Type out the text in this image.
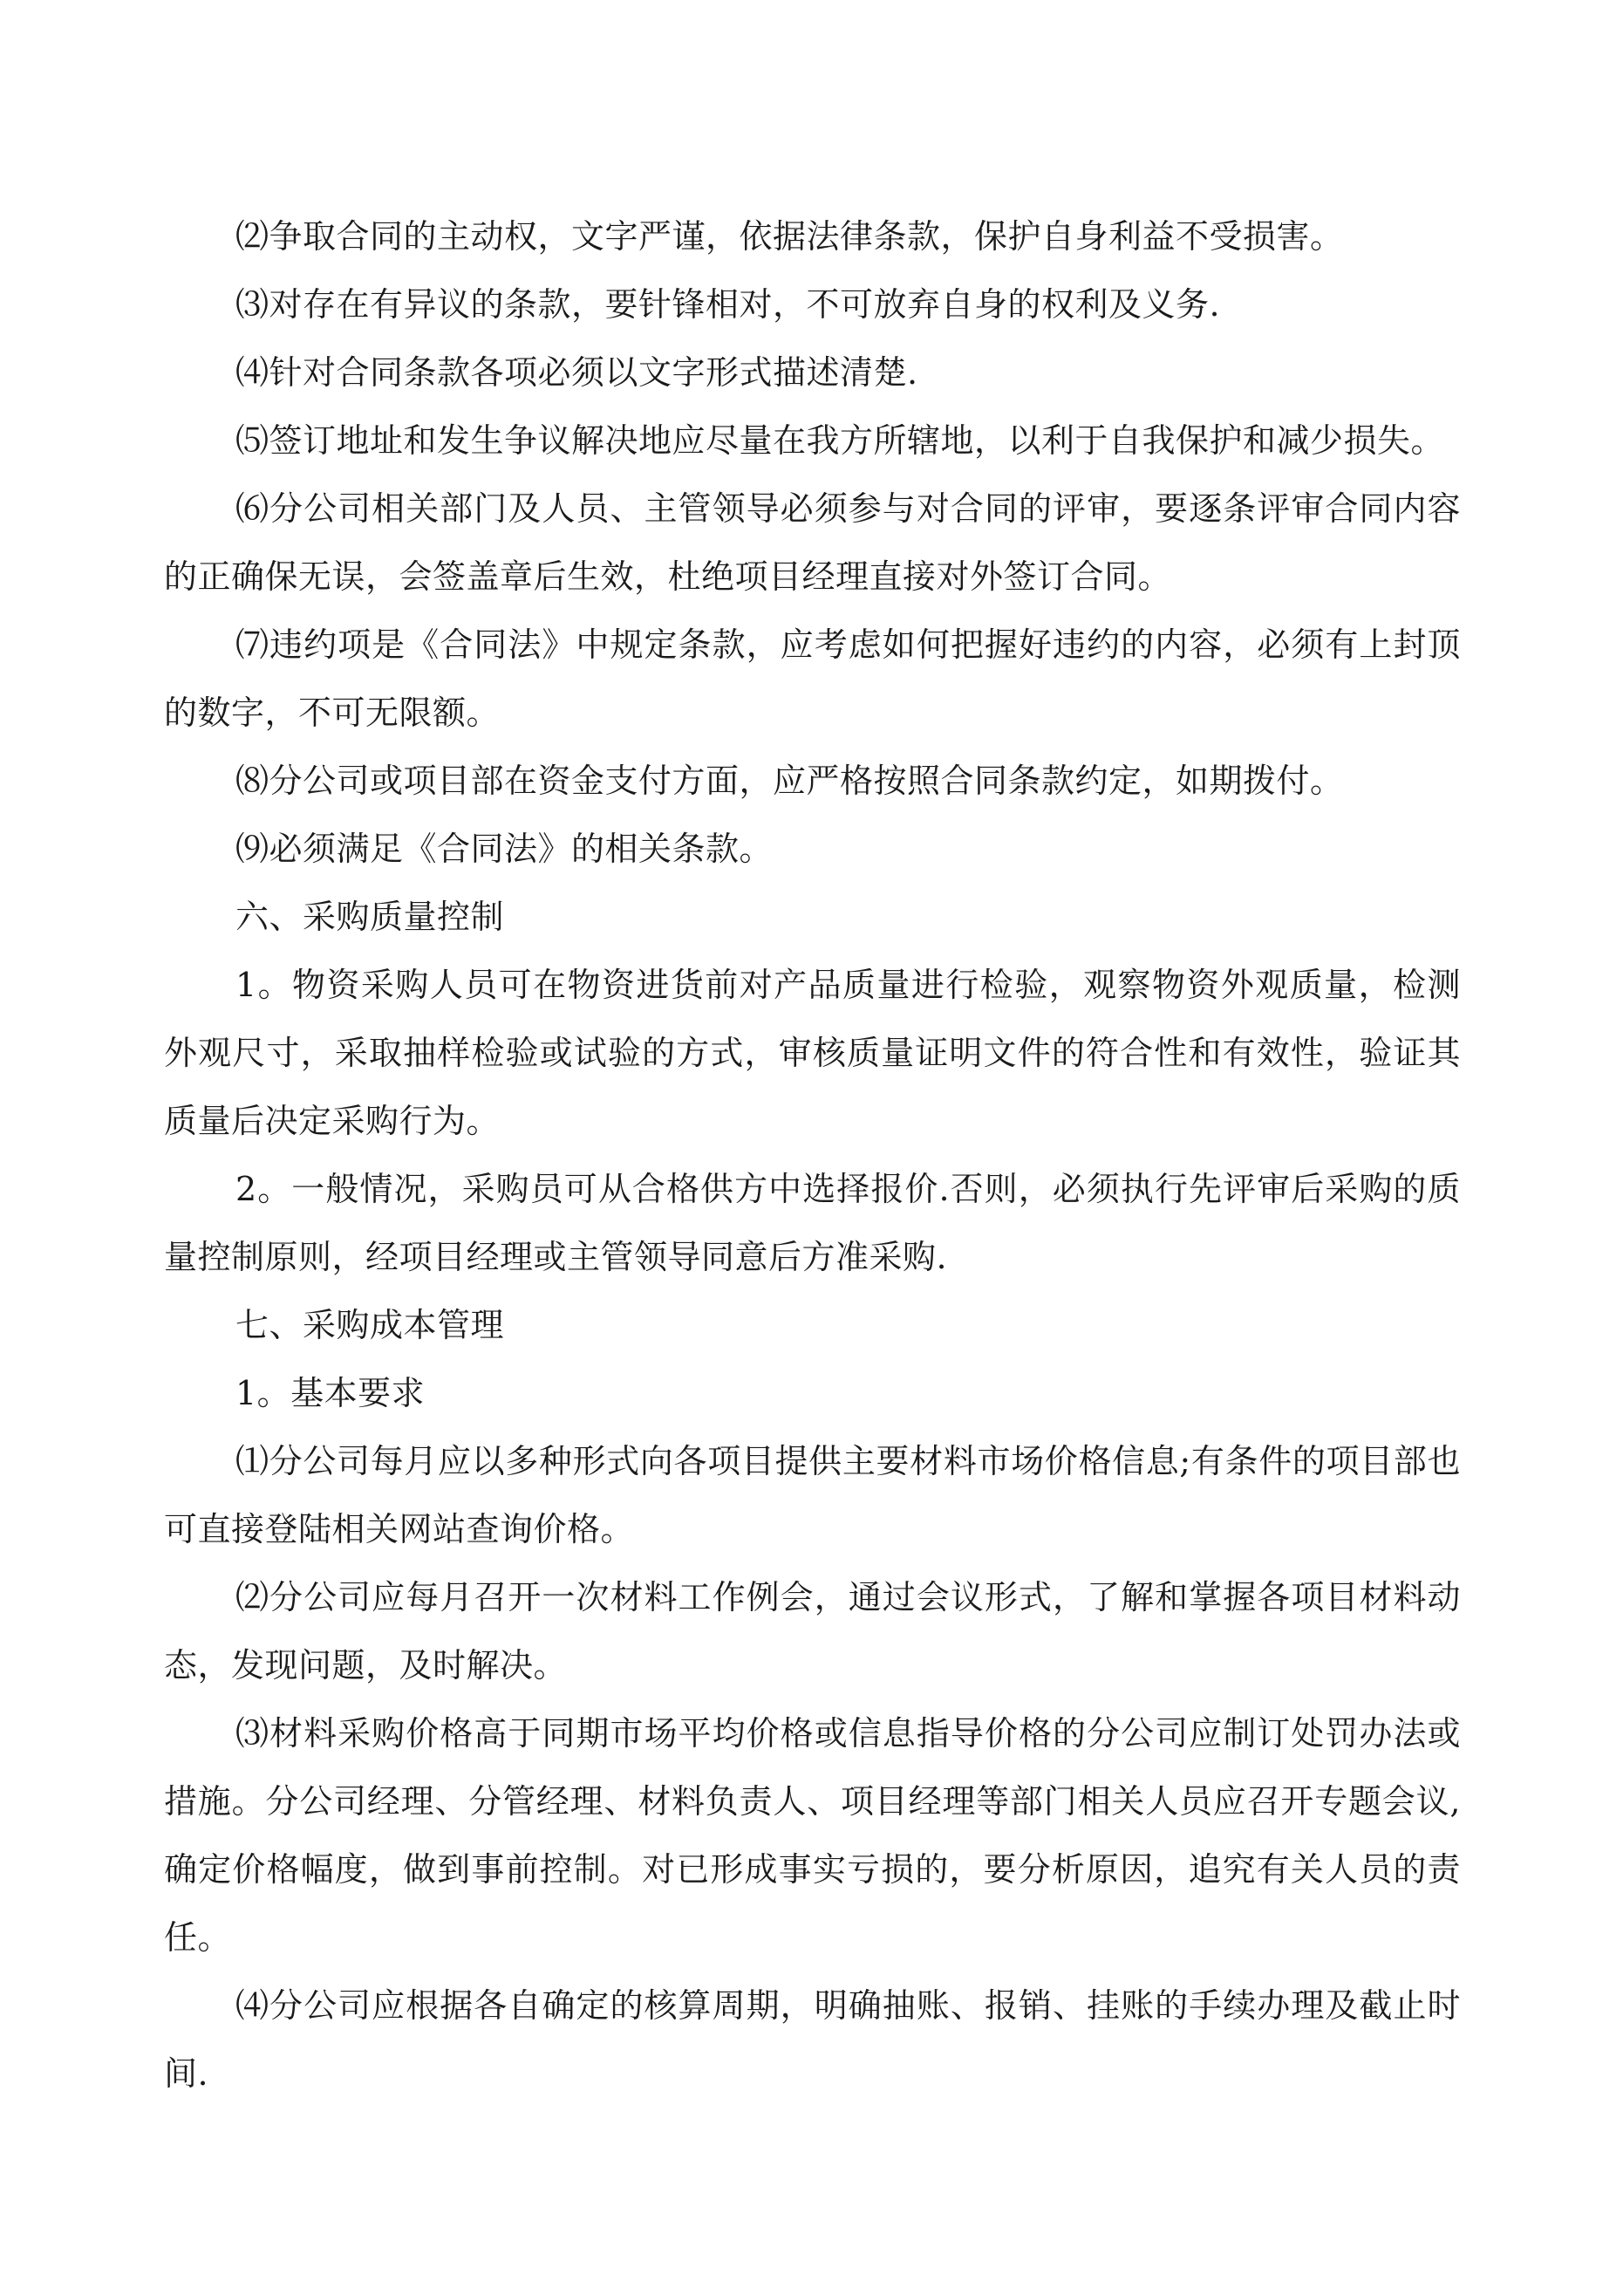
⑵争取合同的主动权，文字严谨，依据法律条款，保护自身利益不受损害。

⑶对存在有异议的条款，要针锋相对，不可放弃自身的权利及义务.

⑷针对合同条款各项必须以文字形式描述清楚.

⑸签订地址和发生争议解决地应尽量在我方所辖地，以利于自我保护和减少损失。

⑹分公司相关部门及人员、主管领导必须参与对合同的评审，要逐条评审合同内容的正确保无误，会签盖章后生效，杜绝项目经理直接对外签订合同。

⑺违约项是《合同法》中规定条款，应考虑如何把握好违约的内容，必须有上封顶的数字，不可无限额。

⑻分公司或项目部在资金支付方面，应严格按照合同条款约定，如期拨付。

⑼必须满足《合同法》的相关条款。

六、采购质量控制

1。物资采购人员可在物资进货前对产品质量进行检验，观察物资外观质量，检测外观尺寸，采取抽样检验或试验的方式，审核质量证明文件的符合性和有效性，验证其质量后决定采购行为。

2。一般情况，采购员可从合格供方中选择报价.否则，必须执行先评审后采购的质量控制原则，经项目经理或主管领导同意后方准采购.

七、采购成本管理

1。基本要求

⑴分公司每月应以多种形式向各项目提供主要材料市场价格信息;有条件的项目部也可直接登陆相关网站查询价格。

⑵分公司应每月召开一次材料工作例会，通过会议形式，了解和掌握各项目材料动态，发现问题，及时解决。

⑶材料采购价格高于同期市场平均价格或信息指导价格的分公司应制订处罚办法或措施。分公司经理、分管经理、材料负责人、项目经理等部门相关人员应召开专题会议,确定价格幅度，做到事前控制。对已形成事实亏损的，要分析原因，追究有关人员的责任。

⑷分公司应根据各自确定的核算周期，明确抽账、报销、挂账的手续办理及截止时间.
